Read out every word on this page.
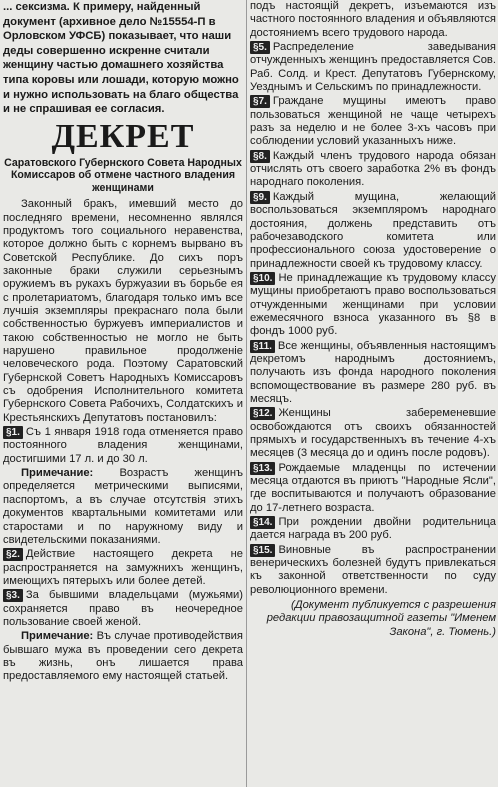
... сексизма. К примеру, найденный документ (архивное дело №15554-П в Орловском УФСБ) показывает, что наши деды совершенно искренне считали женщину частью домашнего хозяйства типа коровы или лошади, которую можно и нужно использовать на благо общества и не спрашивая ее согласия.

ДЕКРЕТ
Саратовского Губернского Совета Народных Комиссаров об отмене частного владения женщинами

Законный бракъ, имевший место до последняго времени, несомненно являлся продуктомъ того социального неравенства, которое должно быть с корнемъ вырвано въ Советской Республике. До сихъ поръ законные браки служили серьезнымъ оружиемъ въ рукахъ буржуазии въ борьбе ея с пролетариатомъ, благодаря только имъ все лучшiя экземпляры прекраснаго пола были собственностью буржуевъ империалистов и такою собственностью не могло не быть нарушено правильное продолженiе человеческого рода. Поэтому Саратовский Губернской Советъ Народныхъ Комиссаровъ съ одобрения Исполнительного комитета Губернского Совета Рабочихъ, Солдатскихъ и Крестьянскихъ Депутатовъ постановилъ:

§1. Съ 1 января 1918 года отменяется право постоянного владения женщинами, достигшими 17 л. и до 30 л.

Примечание: Возрастъ женщинъ определяется метрическими выписями, паспортомъ, а въ случае отсутствiя этихъ документов квартальными комитетами или старостами и по наружному виду и свидетельскими показаниями.

§2. Действие настоящего декрета не распространяется на замужнихъ женщинъ, имеющихъ пятерыхъ или более детей.

§3. За бывшими владельцами (мужьями) сохраняется право въ неочередное пользование своей женой.

Примечание: Въ случае противодействия бывшаго мужа въ проведении сего декрета въ жизнь, онъ лишается права предоставляемого ему настоящей статьей.

подъ настоящiй декретъ, изъемаются изъ частного постоянного владения и объявляются достояниемъ всего трудового народа.

§5. Распределение заведывания отчужденныхъ женщинъ предоставляется Сов. Раб. Солд. и Крест. Депутатовъ Губернскому, Уезднымъ и Сельскимъ по принадлежности.

§7. Граждане мущины имеютъ право пользоваться женщиной не чаще четырехъ разъ за неделю и не более 3-хъ часовъ при соблюдении условий указанныхъ ниже.

§8. Каждый членъ трудового народа обязан отчислять отъ своего заработка 2% въ фондъ народнаго поколения.

§9. Каждый мущина, желающий воспользоваться экземпляромъ народнаго достояния, должень представить отъ рабочезаводского комитета или профессионального союза удостоверение о принадлежности своей къ трудовому классу.

§10. Не принадлежащие къ трудовому классу мущины приобретаютъ право воспользоваться отчужденными женщинами при условии ежемесячного взноса указанного въ §8 в фондъ 1000 руб.

§11. Все женщины, объявленныя настоящимъ декретомъ народнымъ достояниемъ, получають изъ фонда народного поколения вспомоществование въ размере 280 руб. въ месяцъ.

§12. Женщины забеременевшие освобождаются отъ своихъ обязанностей прямыхъ и государственныхъ въ течение 4-хъ месяцев (3 месяца до и одинъ после родовъ).

§13. Рождаемые младенцы по истечении месяца отдаются въ приютъ "Народные Ясли", где воспитываются и получаютъ образование до 17-летнего возраста.

§14. При рождении двойни родительница дается награда въ 200 руб.

§15. Виновные въ распространении венерическихъ болезней будутъ привлекаться къ законной ответственности по суду революционного времени.

(Документ публикуется с разрешения редакции правозащитной газеты "Именем Закона", г. Тюмень.)
